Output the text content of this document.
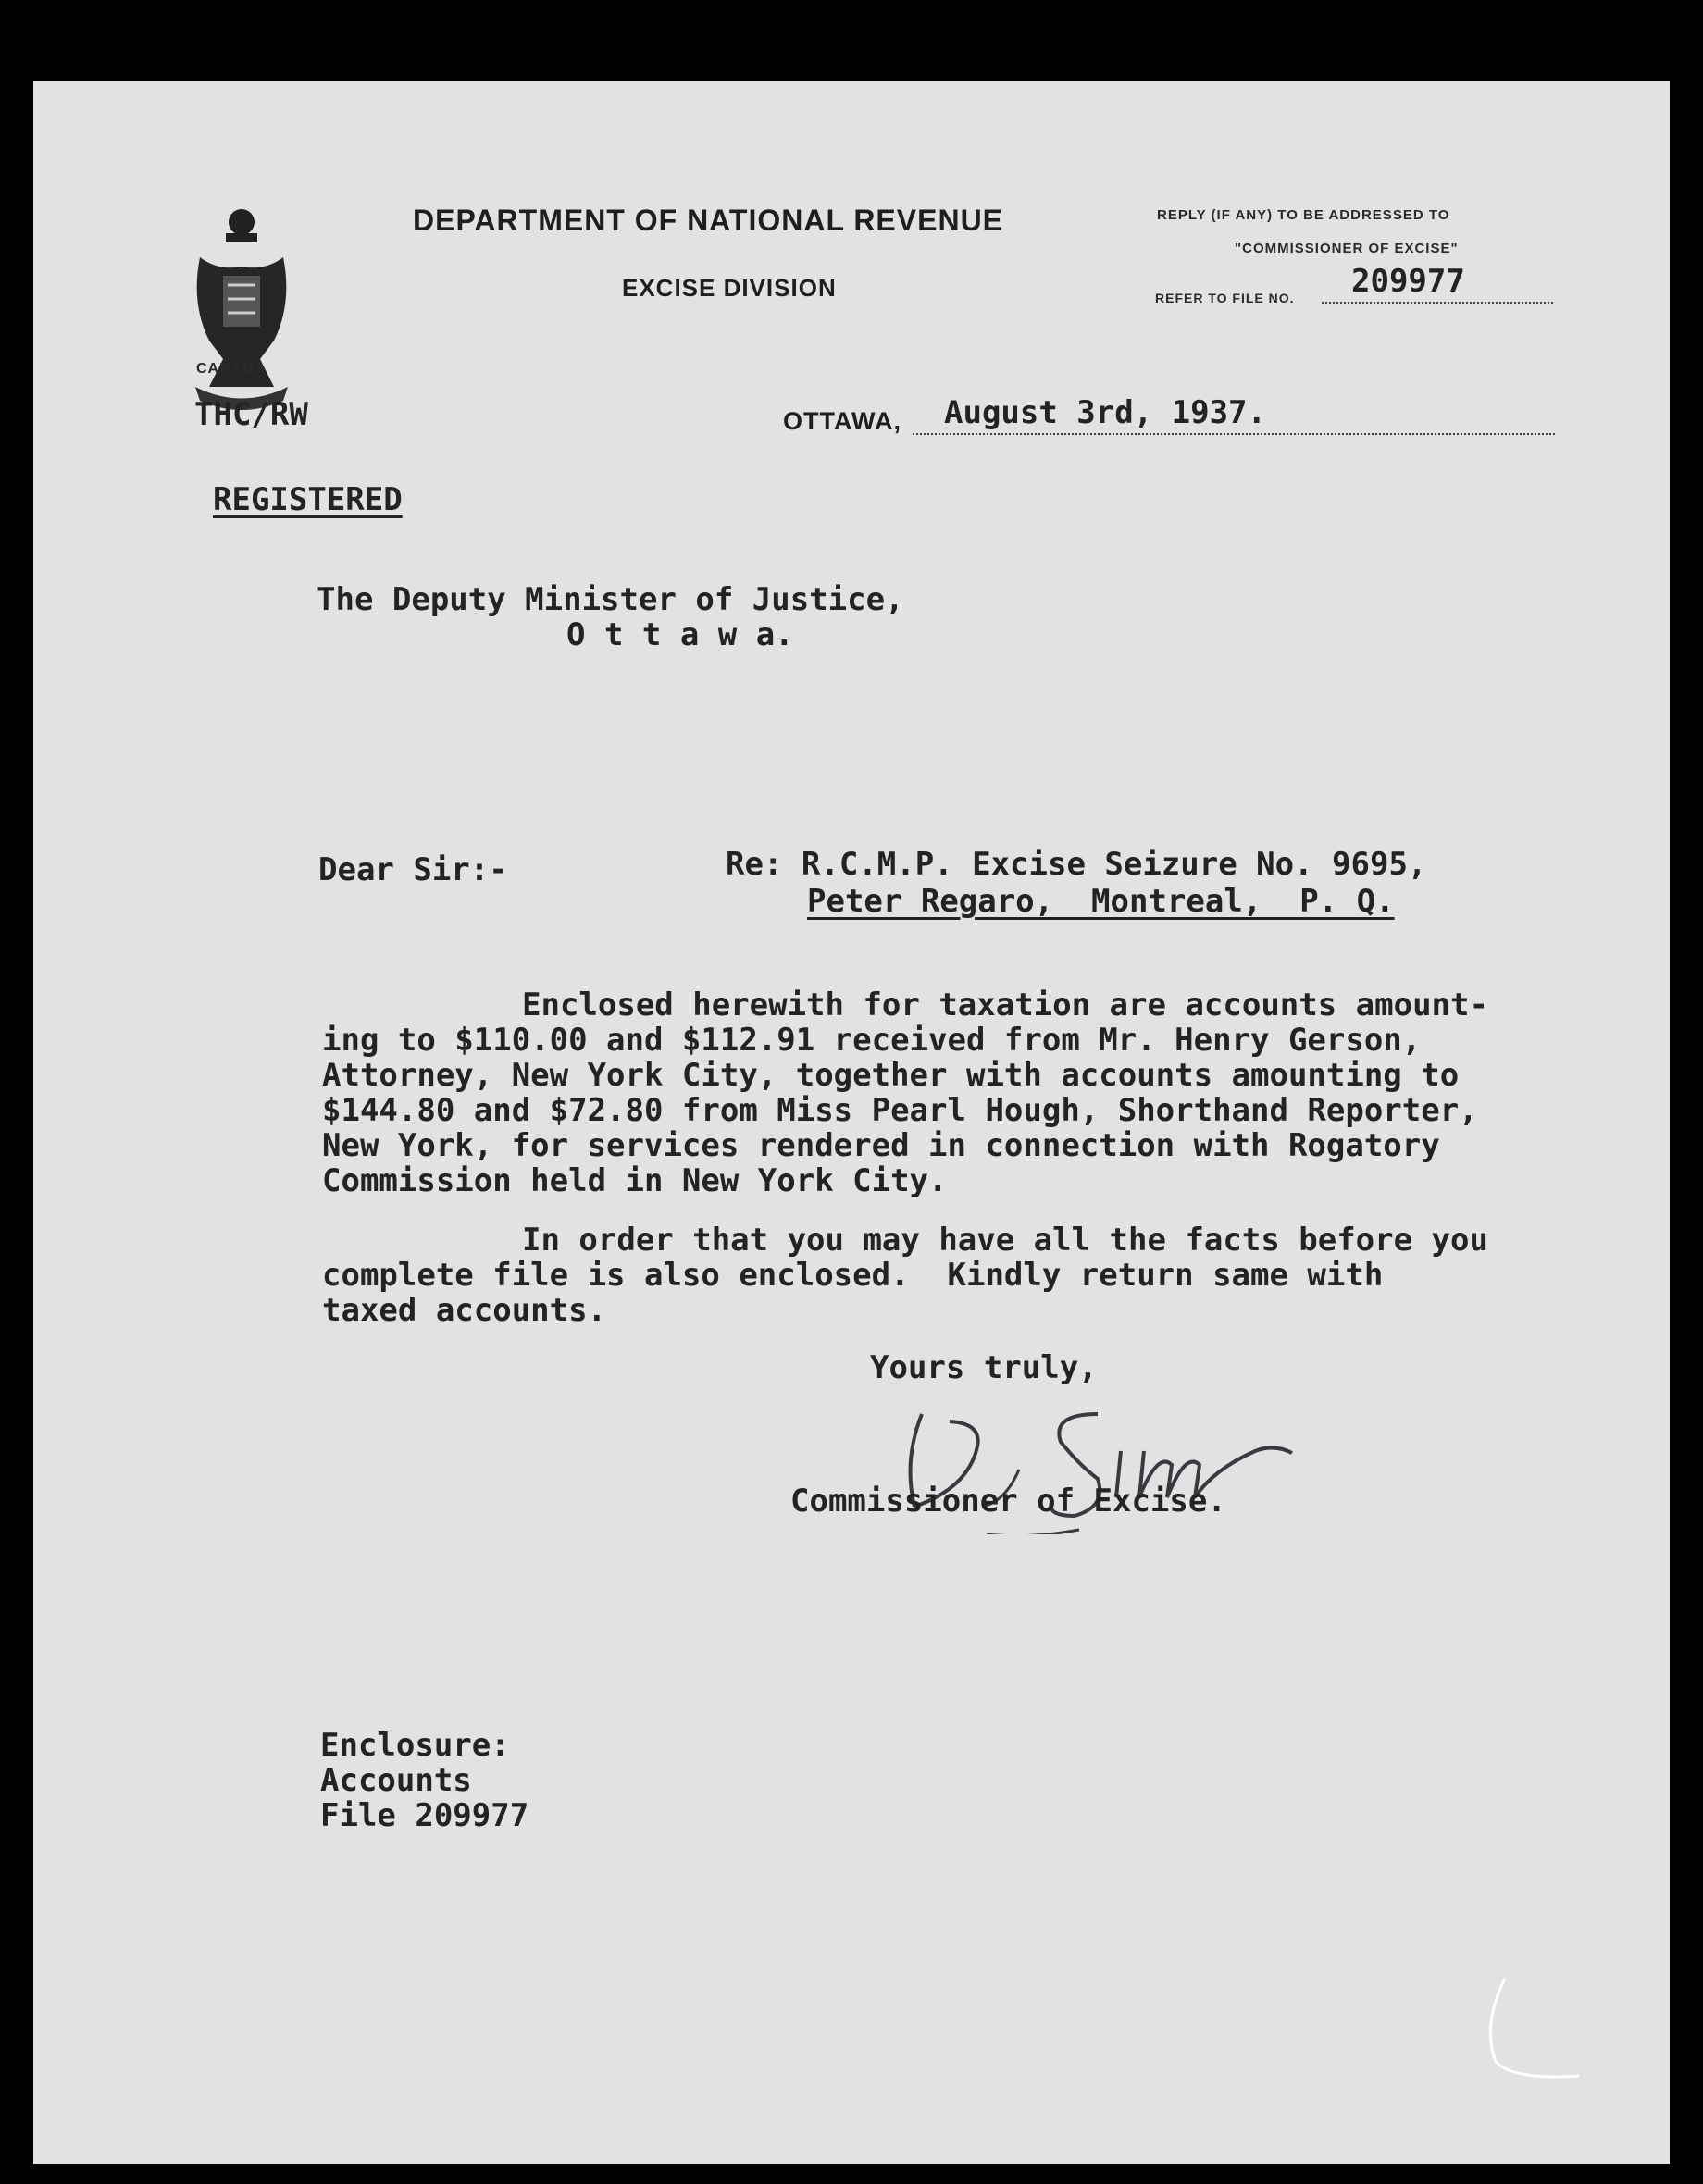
CANADA
DEPARTMENT OF NATIONAL REVENUE
EXCISE DIVISION
REPLY (IF ANY) TO BE ADDRESSED TO
"COMMISSIONER OF EXCISE"
REFER TO FILE NO. 209977
THC/RW	OTTAWA, August 3rd, 1937.
REGISTERED
The Deputy Minister of Justice,
O t t a w a.
Dear Sir:-	Re: R.C.M.P. Excise Seizure No. 9695,
Peter Regaro,  Montreal,  P. Q.
Enclosed herewith for taxation are accounts amount-
ing to $110.00 and $112.91 received from Mr. Henry Gerson,
Attorney, New York City, together with accounts amounting to
$144.80 and $72.80 from Miss Pearl Hough, Shorthand Reporter,
New York, for services rendered in connection with Rogatory
Commission held in New York City.
In order that you may have all the facts before you
complete file is also enclosed.  Kindly return same with
taxed accounts.
Yours truly,
Commissioner of Excise.
Enclosure:
Accounts
File 209977
